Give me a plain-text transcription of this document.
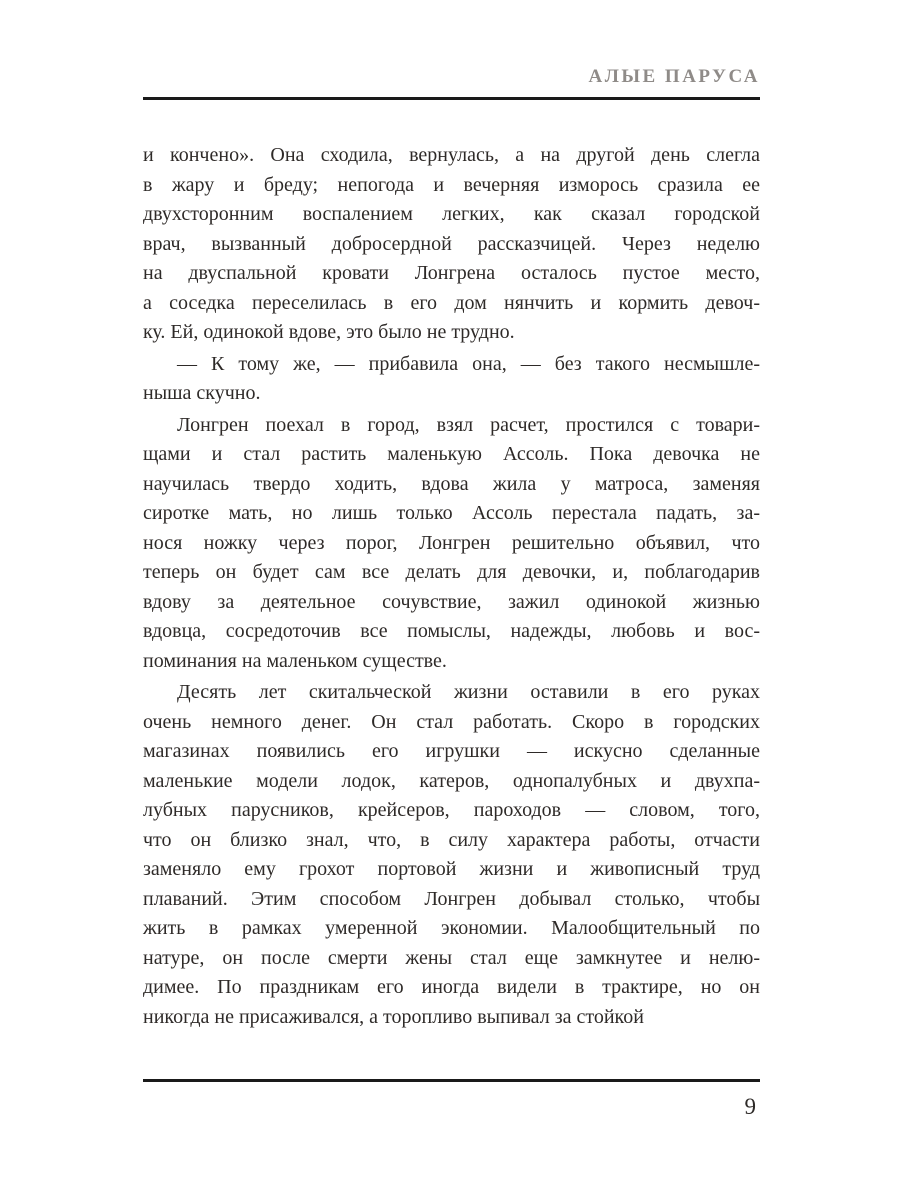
АЛЫЕ ПАРУСА
и кончено». Она сходила, вернулась, а на другой день слегла
в жару и бреду; непогода и вечерняя изморось сразила ее
двухсторонним воспалением легких, как сказал городской
врач, вызванный добросердной рассказчицей. Через неделю
на двуспальной кровати Лонгрена осталось пустое место,
а соседка переселилась в его дом нянчить и кормить девоч-
ку. Ей, одинокой вдове, это было не трудно.
— К тому же, — прибавила она, — без такого несмышле-
ныша скучно.
Лонгрен поехал в город, взял расчет, простился с товари-
щами и стал растить маленькую Ассоль. Пока девочка не
научилась твердо ходить, вдова жила у матроса, заменяя
сиротке мать, но лишь только Ассоль перестала падать, за-
нося ножку через порог, Лонгрен решительно объявил, что
теперь он будет сам все делать для девочки, и, поблагодарив
вдову за деятельное сочувствие, зажил одинокой жизнью
вдовца, сосредоточив все помыслы, надежды, любовь и вос-
поминания на маленьком существе.
Десять лет скитальческой жизни оставили в его руках
очень немного денег. Он стал работать. Скоро в городских
магазинах появились его игрушки — искусно сделанные
маленькие модели лодок, катеров, однопалубных и двухпа-
лубных парусников, крейсеров, пароходов — словом, того,
что он близко знал, что, в силу характера работы, отчасти
заменяло ему грохот портовой жизни и живописный труд
плаваний. Этим способом Лонгрен добывал столько, чтобы
жить в рамках умеренной экономии. Малообщительный по
натуре, он после смерти жены стал еще замкнутее и нелю-
димее. По праздникам его иногда видели в трактире, но он
никогда не присаживался, а торопливо выпивал за стойкой
9
